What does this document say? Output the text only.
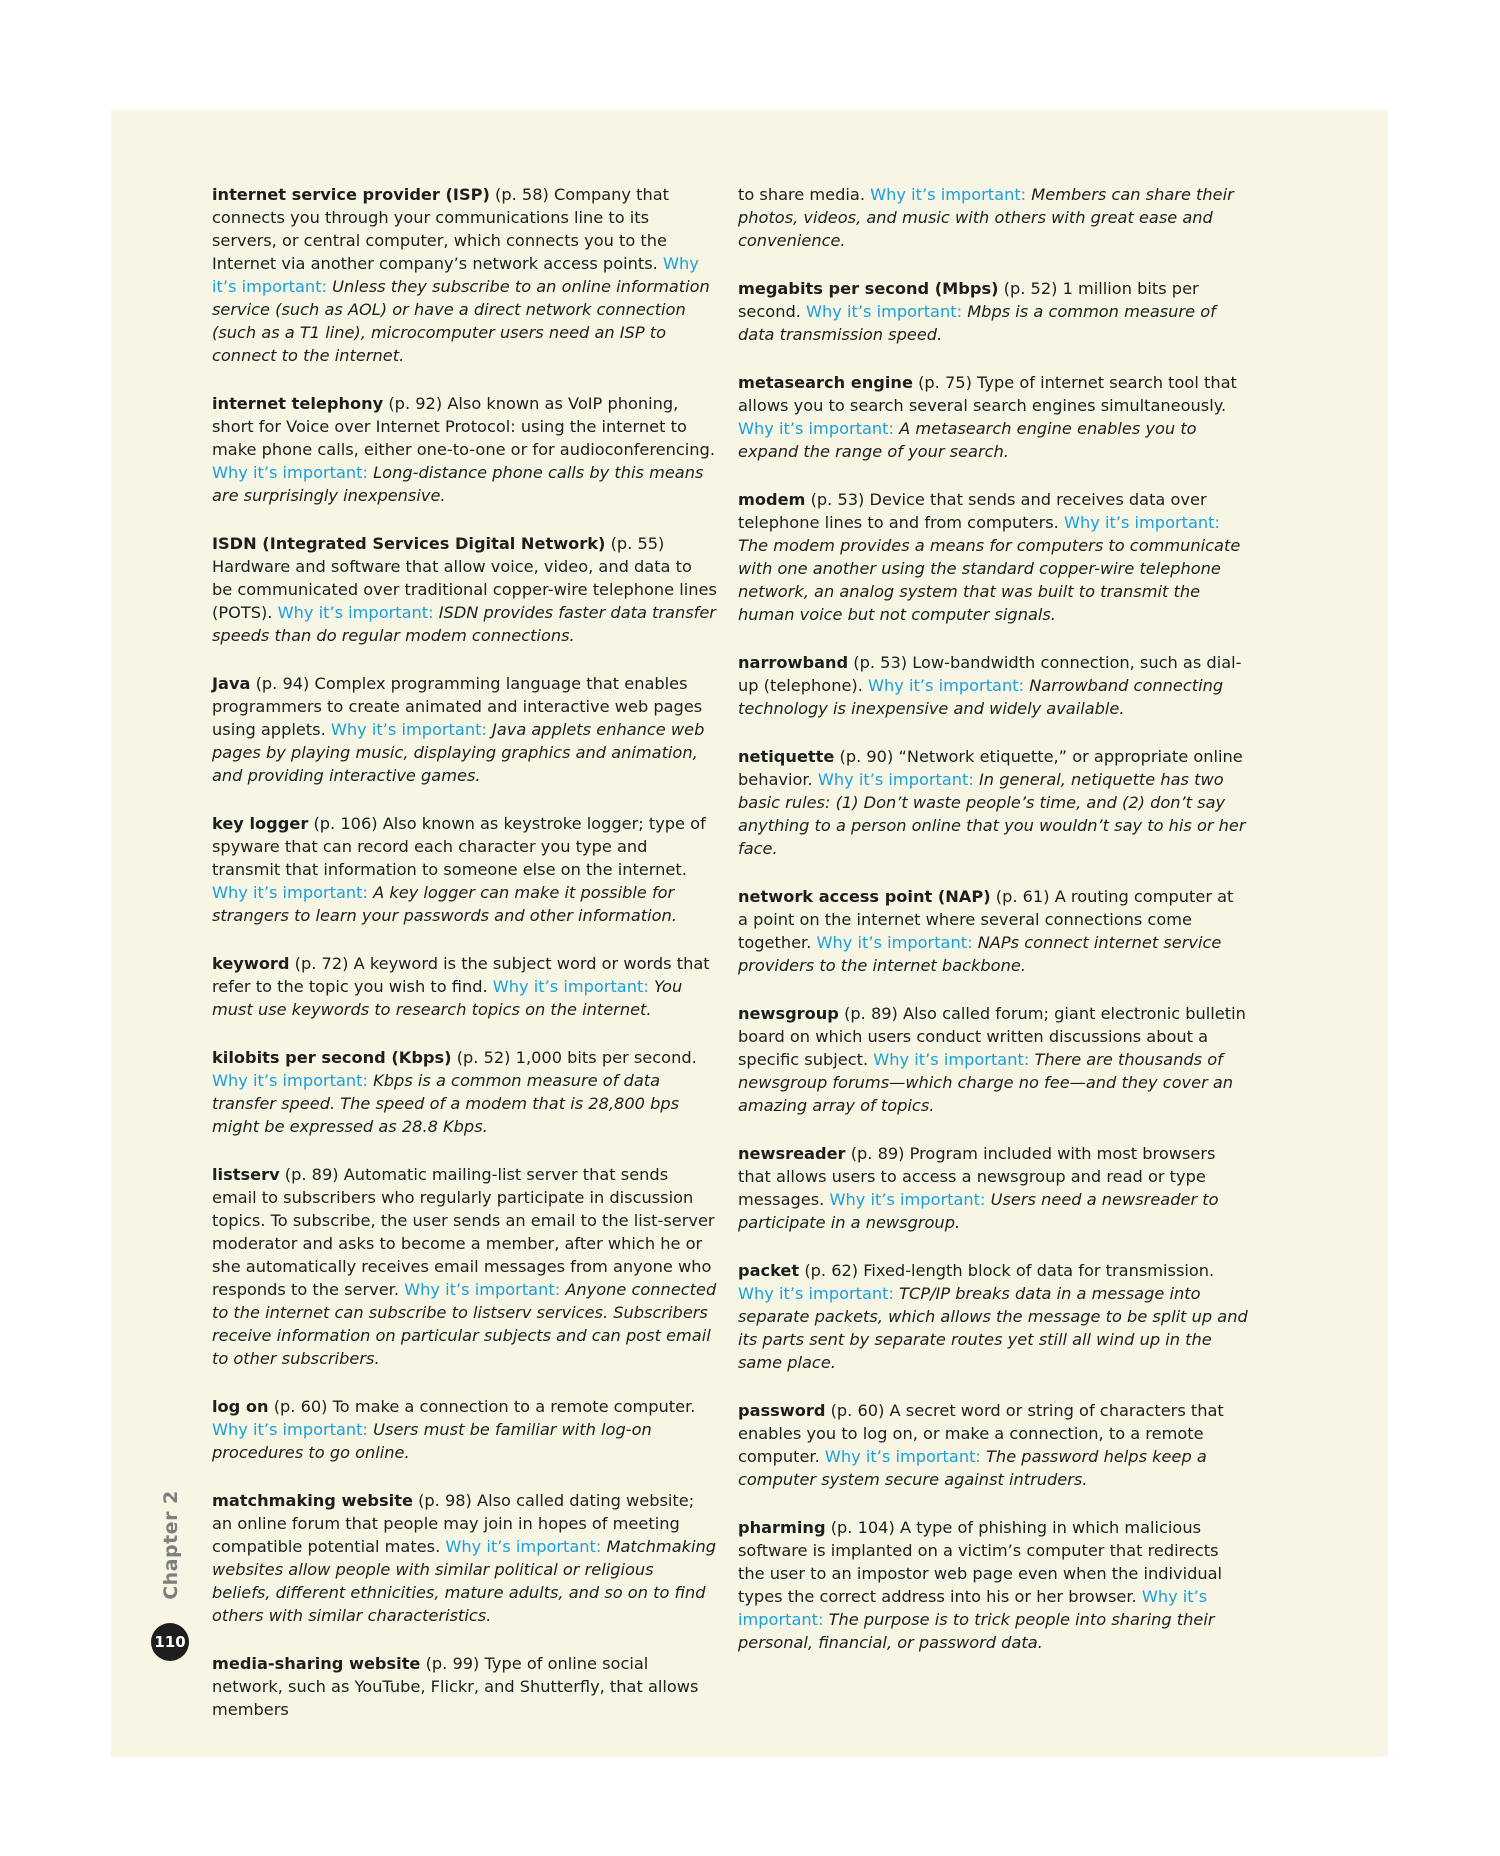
internet service provider (ISP) (p. 58) Company that connects you through your communications line to its servers, or central computer, which connects you to the Internet via another company’s network access points. Why it’s important: Unless they subscribe to an online information service (such as AOL) or have a direct network connection (such as a T1 line), microcomputer users need an ISP to connect to the internet.

internet telephony (p. 92) Also known as VoIP phoning, short for Voice over Internet Protocol: using the internet to make phone calls, either one-to-one or for audioconferencing. Why it’s important: Long-distance phone calls by this means are surprisingly inexpensive.

ISDN (Integrated Services Digital Network) (p. 55) Hardware and software that allow voice, video, and data to be communicated over traditional copper-wire telephone lines (POTS). Why it’s important: ISDN provides faster data transfer speeds than do regular modem connections.

Java (p. 94) Complex programming language that enables programmers to create animated and interactive web pages using applets. Why it’s important: Java applets enhance web pages by playing music, displaying graphics and animation, and providing interactive games.

key logger (p. 106) Also known as keystroke logger; type of spyware that can record each character you type and transmit that information to someone else on the internet. Why it’s important: A key logger can make it possible for strangers to learn your passwords and other information.

keyword (p. 72) A keyword is the subject word or words that refer to the topic you wish to find. Why it’s important: You must use keywords to research topics on the internet.

kilobits per second (Kbps) (p. 52) 1,000 bits per second. Why it’s important: Kbps is a common measure of data transfer speed. The speed of a modem that is 28,800 bps might be expressed as 28.8 Kbps.

listserv (p. 89) Automatic mailing-list server that sends email to subscribers who regularly participate in discussion topics. To subscribe, the user sends an email to the list-server moderator and asks to become a member, after which he or she automatically receives email messages from anyone who responds to the server. Why it’s important: Anyone connected to the internet can subscribe to listserv services. Subscribers receive information on particular subjects and can post email to other subscribers.

log on (p. 60) To make a connection to a remote computer. Why it’s important: Users must be familiar with log-on procedures to go online.

matchmaking website (p. 98) Also called dating website; an online forum that people may join in hopes of meeting compatible potential mates. Why it’s important: Matchmaking websites allow people with similar political or religious beliefs, different ethnicities, mature adults, and so on to find others with similar characteristics.

media-sharing website (p. 99) Type of online social network, such as YouTube, Flickr, and Shutterfly, that allows members

to share media. Why it’s important: Members can share their photos, videos, and music with others with great ease and convenience.

megabits per second (Mbps) (p. 52) 1 million bits per second. Why it’s important: Mbps is a common measure of data transmission speed.

metasearch engine (p. 75) Type of internet search tool that allows you to search several search engines simultaneously. Why it’s important: A metasearch engine enables you to expand the range of your search.

modem (p. 53) Device that sends and receives data over telephone lines to and from computers. Why it’s important: The modem provides a means for computers to communicate with one another using the standard copper-wire telephone network, an analog system that was built to transmit the human voice but not computer signals.

narrowband (p. 53) Low-bandwidth connection, such as dial-up (telephone). Why it’s important: Narrowband connecting technology is inexpensive and widely available.

netiquette (p. 90) “Network etiquette,” or appropriate online behavior. Why it’s important: In general, netiquette has two basic rules: (1) Don’t waste people’s time, and (2) don’t say anything to a person online that you wouldn’t say to his or her face.

network access point (NAP) (p. 61) A routing computer at a point on the internet where several connections come together. Why it’s important: NAPs connect internet service providers to the internet backbone.

newsgroup (p. 89) Also called forum; giant electronic bulletin board on which users conduct written discussions about a specific subject. Why it’s important: There are thousands of newsgroup forums—which charge no fee—and they cover an amazing array of topics.

newsreader (p. 89) Program included with most browsers that allows users to access a newsgroup and read or type messages. Why it’s important: Users need a newsreader to participate in a newsgroup.

packet (p. 62) Fixed-length block of data for transmission. Why it’s important: TCP/IP breaks data in a message into separate packets, which allows the message to be split up and its parts sent by separate routes yet still all wind up in the same place.

password (p. 60) A secret word or string of characters that enables you to log on, or make a connection, to a remote computer. Why it’s important: The password helps keep a computer system secure against intruders.

pharming (p. 104) A type of phishing in which malicious software is implanted on a victim’s computer that redirects the user to an impostor web page even when the individual types the correct address into his or her browser. Why it’s important: The purpose is to trick people into sharing their personal, financial, or password data.

Chapter 2
110
